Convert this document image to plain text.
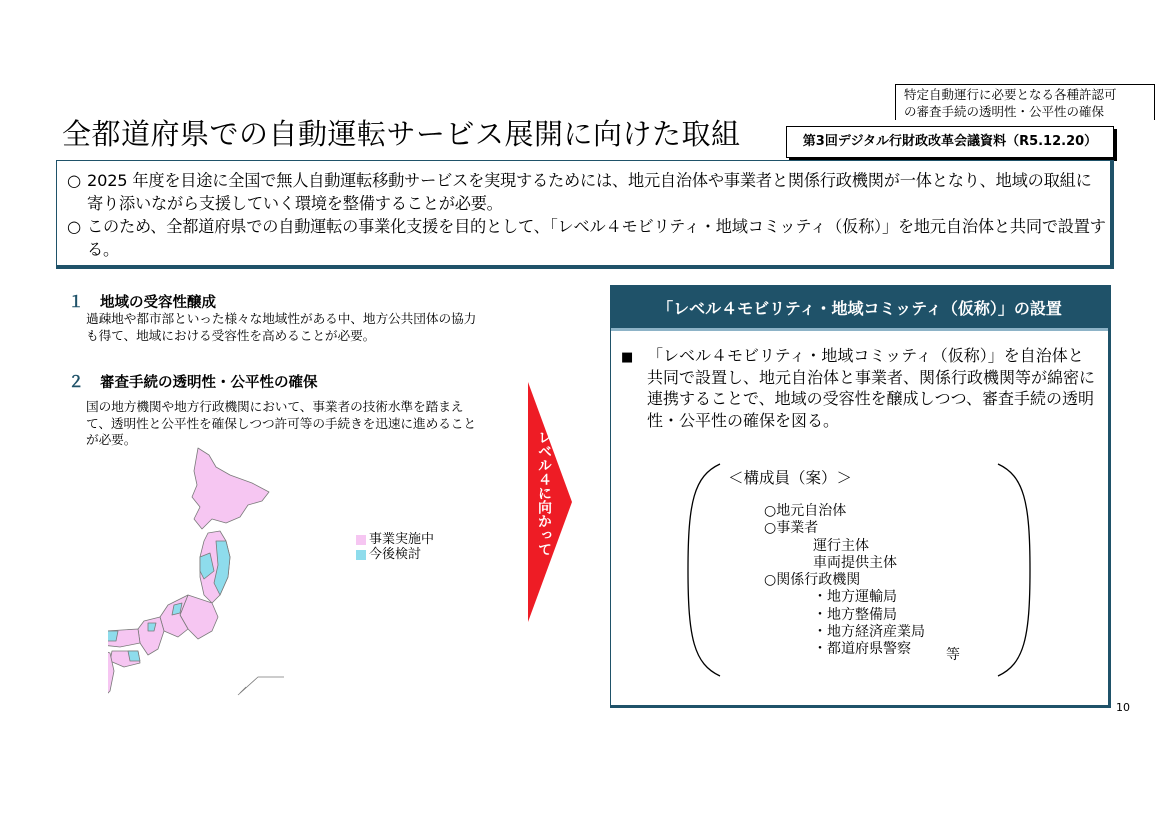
特定自動運行に必要となる各種許認可
の審査手続の透明性・公平性の確保
全都道府県での自動運転サービス展開に向けた取組	第3回デジタル行財政改革会議資料（R5.12.20）
○ 2025 年度を目途に全国で無人自動運転移動サービスを実現するためには、地元自治体や事業者と関係行政機関が一体となり、地域の取組に寄り添いながら支援していく環境を整備することが必要。
○ このため、全都道府県での自動運転の事業化支援を目的として、「レベル４モビリティ・地域コミッティ（仮称）」を地元自治体と共同で設置する。
１ 地域の受容性醸成
過疎地や都市部といった様々な地域性がある中、地方公共団体の協力も得て、地域における受容性を高めることが必要。
２ 審査手続の透明性・公平性の確保
国の地方機関や地方行政機関において、事業者の技術水準を踏まえて、透明性と公平性を確保しつつ許可等の手続きを迅速に進めることが必要。
事業実施中
今後検討	レベル４に向かって
「レベル４モビリティ・地域コミッティ（仮称）」の設置
■ 「レベル４モビリティ・地域コミッティ（仮称）」を自治体と共同で設置し、地元自治体と事業者、関係行政機関等が綿密に連携することで、地域の受容性を醸成しつつ、審査手続の透明性・公平性の確保を図る。
＜構成員（案）＞
○地元自治体
○事業者
運行主体
車両提供主体
○関係行政機関
・地方運輸局
・地方整備局
・地方経済産業局
・都道府県警察	等
10
